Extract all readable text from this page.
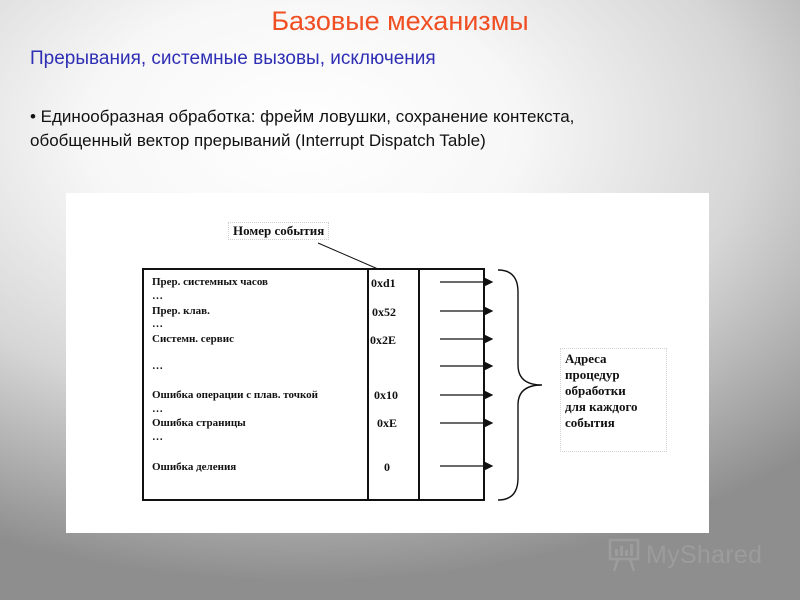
Базовые механизмы
Прерывания, системные вызовы, исключения
• Единообразная обработка: фрейм ловушки, сохранение контекста,
обобщенный вектор прерываний (Interrupt Dispatch Table)
Номер события
Прер. системных часов	0xd1
…
Прер. клав.	0x52
…
Системн. сервис	0x2E
…
Ошибка операции с плав. точкой	0x10
…
Ошибка страницы	0xE
…
Ошибка деления	0
Адреса
процедур
обработки
для каждого
события
MyShared
